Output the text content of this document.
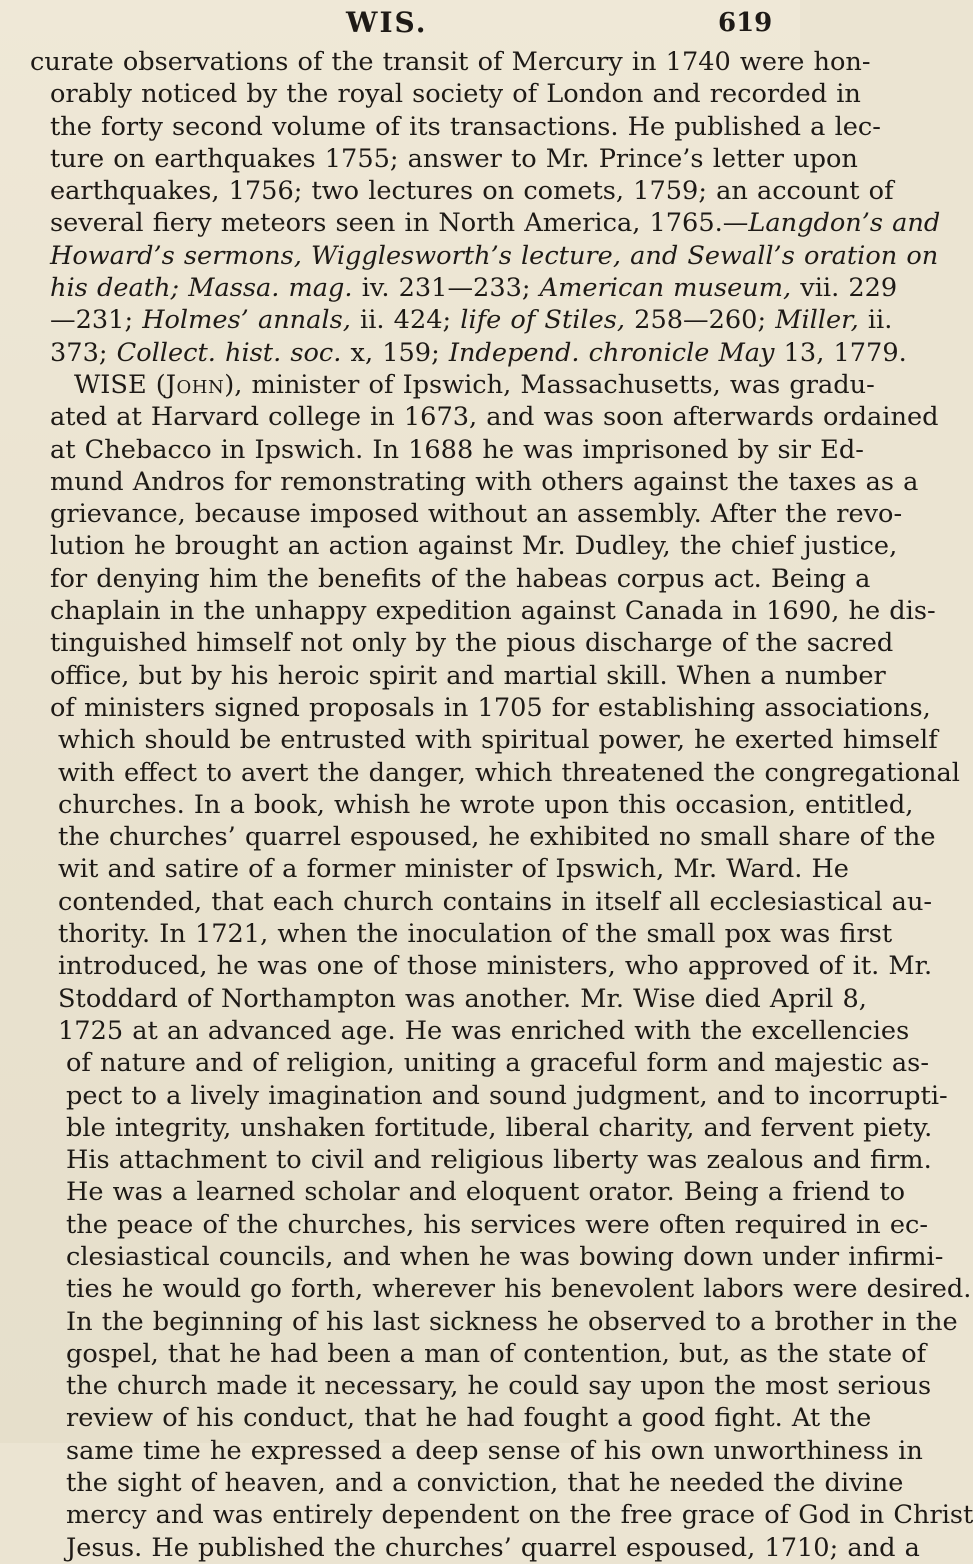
WIS.	619
curate observations of the transit of Mercury in 1740 were hon-
orably noticed by the royal society of London and recorded in
the forty second volume of its transactions. He published a lec-
ture on earthquakes 1755; answer to Mr. Prince’s letter upon
earthquakes, 1756; two lectures on comets, 1759; an account of
several fiery meteors seen in North America, 1765.—Langdon’s and
Howard’s sermons, Wigglesworth’s lecture, and Sewall’s oration on
his death; Massa. mag. iv. 231—233; American museum, vii. 229
—231; Holmes’ annals, ii. 424; life of Stiles, 258—260; Miller, ii.
373; Collect. hist. soc. x, 159; Independ. chronicle May 13, 1779.
WISE (John), minister of Ipswich, Massachusetts, was gradu-
ated at Harvard college in 1673, and was soon afterwards ordained
at Chebacco in Ipswich. In 1688 he was imprisoned by sir Ed-
mund Andros for remonstrating with others against the taxes as a
grievance, because imposed without an assembly. After the revo-
lution he brought an action against Mr. Dudley, the chief justice,
for denying him the benefits of the habeas corpus act. Being a
chaplain in the unhappy expedition against Canada in 1690, he dis-
tinguished himself not only by the pious discharge of the sacred
office, but by his heroic spirit and martial skill. When a number
of ministers signed proposals in 1705 for establishing associations,
which should be entrusted with spiritual power, he exerted himself
with effect to avert the danger, which threatened the congregational
churches. In a book, whish he wrote upon this occasion, entitled,
the churches’ quarrel espoused, he exhibited no small share of the
wit and satire of a former minister of Ipswich, Mr. Ward. He
contended, that each church contains in itself all ecclesiastical au-
thority. In 1721, when the inoculation of the small pox was first
introduced, he was one of those ministers, who approved of it. Mr.
Stoddard of Northampton was another. Mr. Wise died April 8,
1725 at an advanced age. He was enriched with the excellencies
of nature and of religion, uniting a graceful form and majestic as-
pect to a lively imagination and sound judgment, and to incorrupti-
ble integrity, unshaken fortitude, liberal charity, and fervent piety.
His attachment to civil and religious liberty was zealous and firm.
He was a learned scholar and eloquent orator. Being a friend to
the peace of the churches, his services were often required in ec-
clesiastical councils, and when he was bowing down under infirmi-
ties he would go forth, wherever his benevolent labors were desired.
In the beginning of his last sickness he observed to a brother in the
gospel, that he had been a man of contention, but, as the state of
the church made it necessary, he could say upon the most serious
review of his conduct, that he had fought a good fight. At the
same time he expressed a deep sense of his own unworthiness in
the sight of heaven, and a conviction, that he needed the divine
mercy and was entirely dependent on the free grace of God in Christ
Jesus. He published the churches’ quarrel espoused, 1710; and a
